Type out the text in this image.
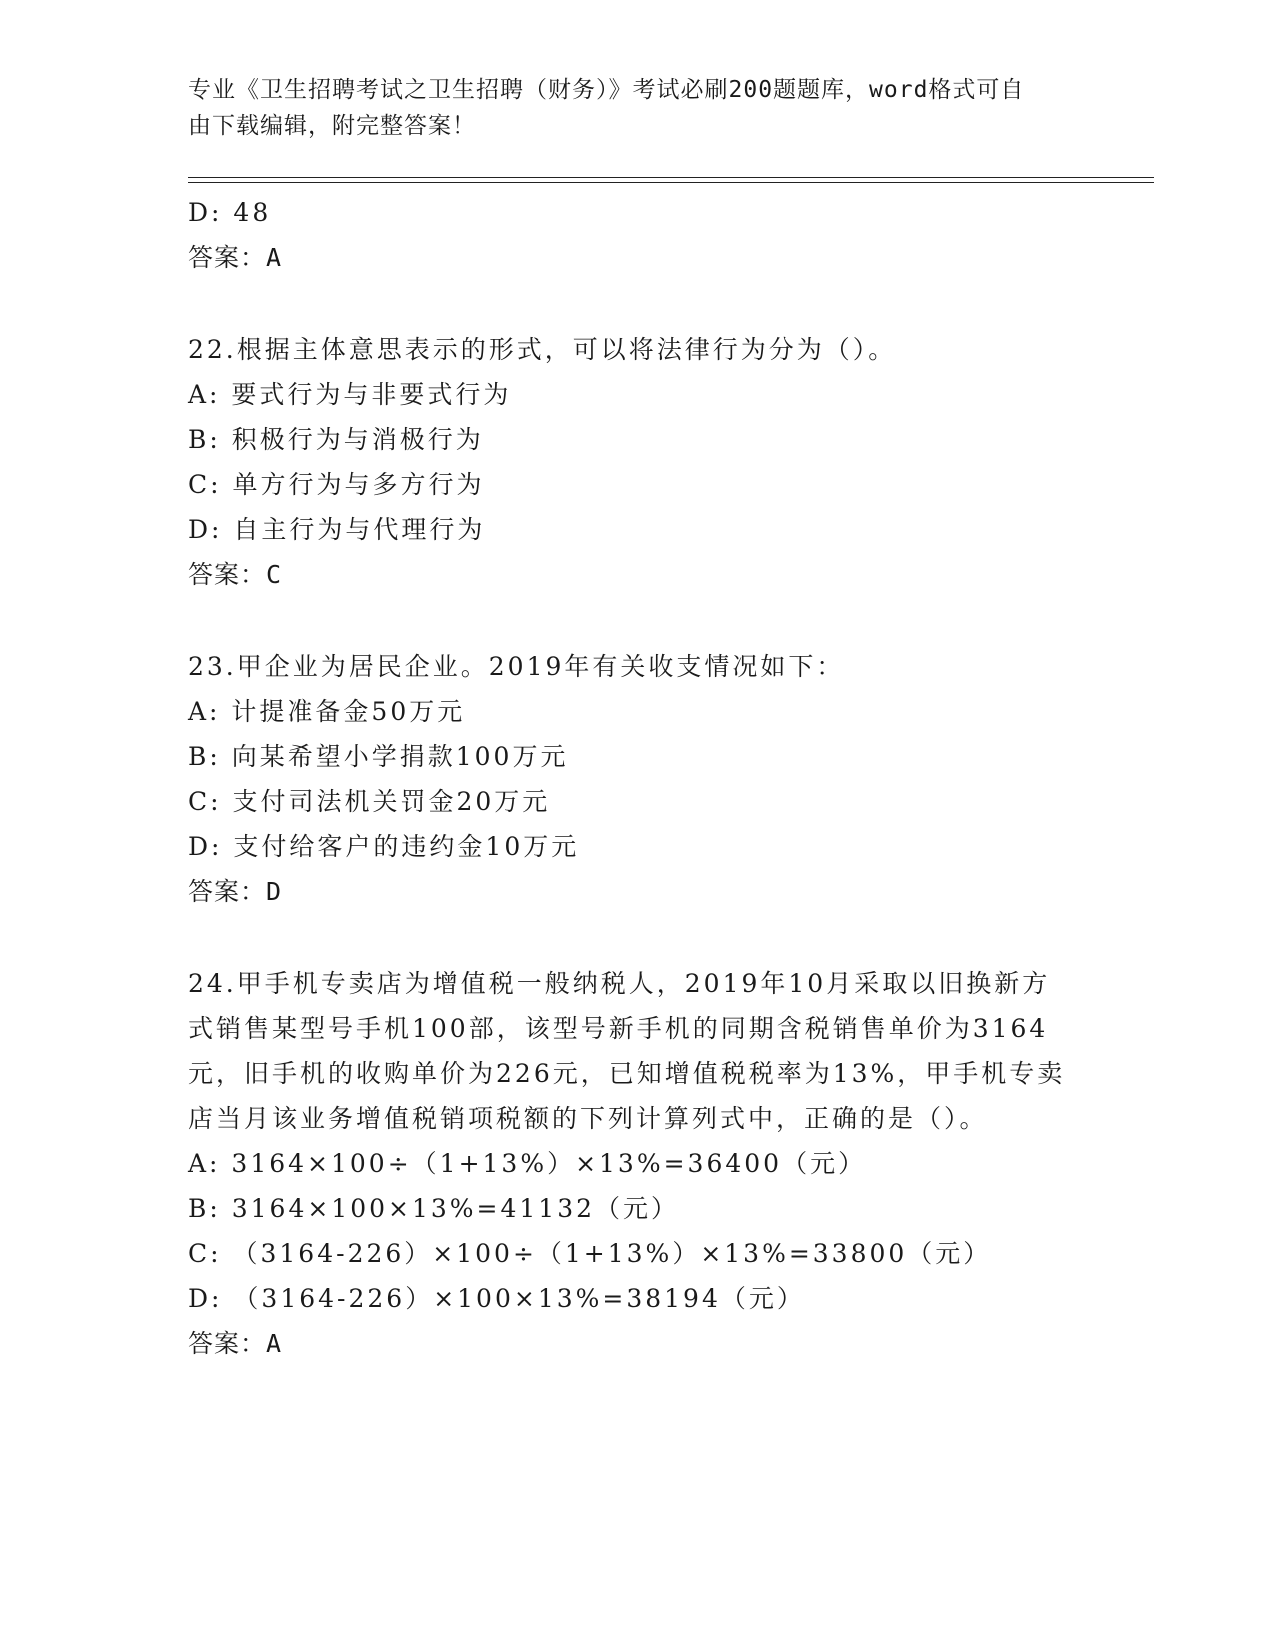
专业《卫生招聘考试之卫生招聘（财务）》考试必刷200题题库，word格式可自
由下载编辑，附完整答案！
D: 48
答案：A
22.根据主体意思表示的形式，可以将法律行为分为（）。
A: 要式行为与非要式行为
B: 积极行为与消极行为
C: 单方行为与多方行为
D: 自主行为与代理行为
答案：C
23.甲企业为居民企业。2019年有关收支情况如下：
A: 计提准备金50万元
B: 向某希望小学捐款100万元
C: 支付司法机关罚金20万元
D: 支付给客户的违约金10万元
答案：D
24.甲手机专卖店为增值税一般纳税人，2019年10月采取以旧换新方
式销售某型号手机100部，该型号新手机的同期含税销售单价为3164
元，旧手机的收购单价为226元，已知增值税税率为13%，甲手机专卖
店当月该业务增值税销项税额的下列计算列式中，正确的是（）。
A: 3164×100÷（1+13%）×13%=36400（元）
B: 3164×100×13%=41132（元）
C: （3164-226）×100÷（1+13%）×13%=33800（元）
D: （3164-226）×100×13%=38194（元）
答案：A
